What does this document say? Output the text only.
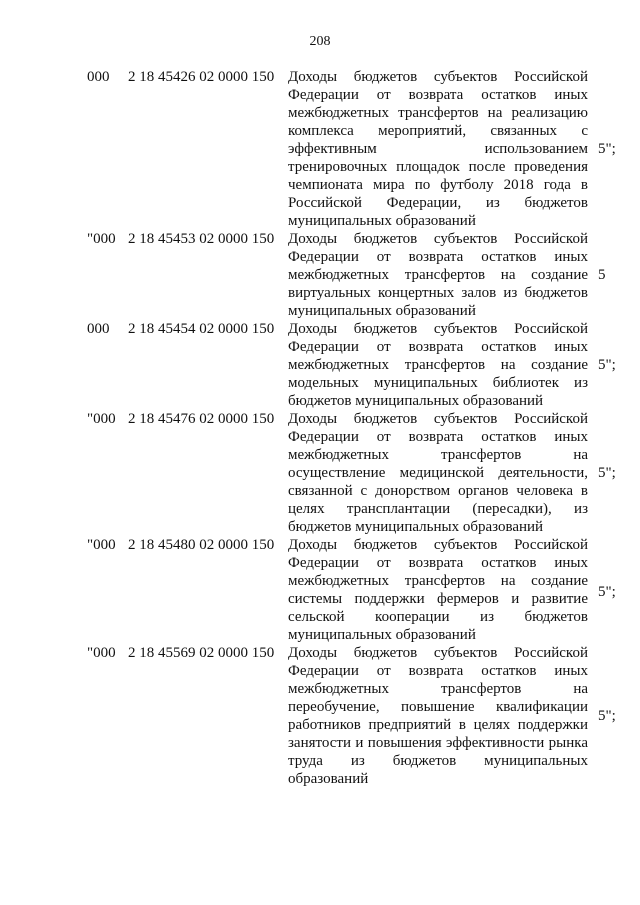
208
000 2 18 45426 02 0000 150 Доходы бюджетов субъектов Российской
Федерации от возврата остатков иных
межбюджетных трансфертов на реализацию
комплекса мероприятий, связанных с
эффективным использованием
тренировочных площадок после проведения
чемпионата мира по футболу 2018 года в
Российской Федерации, из бюджетов
муниципальных образований
5";
"000 2 18 45453 02 0000 150 Доходы бюджетов субъектов Российской
Федерации от возврата остатков иных
межбюджетных трансфертов на создание
виртуальных концертных залов из бюджетов
муниципальных образований
5
000 2 18 45454 02 0000 150 Доходы бюджетов субъектов Российской
Федерации от возврата остатков иных
межбюджетных трансфертов на создание
модельных муниципальных библиотек из
бюджетов муниципальных образований
5";
"000 2 18 45476 02 0000 150 Доходы бюджетов субъектов Российской
Федерации от возврата остатков иных
межбюджетных трансфертов на
осуществление медицинской деятельности,
связанной с донорством органов человека в
целях трансплантации (пересадки), из
бюджетов муниципальных образований
5";
"000 2 18 45480 02 0000 150 Доходы бюджетов субъектов Российской
Федерации от возврата остатков иных
межбюджетных трансфертов на создание
системы поддержки фермеров и развитие
сельской кооперации из бюджетов
муниципальных образований
5";
"000 2 18 45569 02 0000 150 Доходы бюджетов субъектов Российской
Федерации от возврата остатков иных
межбюджетных трансфертов на
переобучение, повышение квалификации
работников предприятий в целях поддержки
занятости и повышения эффективности рынка
труда из бюджетов муниципальных
образований
5";
